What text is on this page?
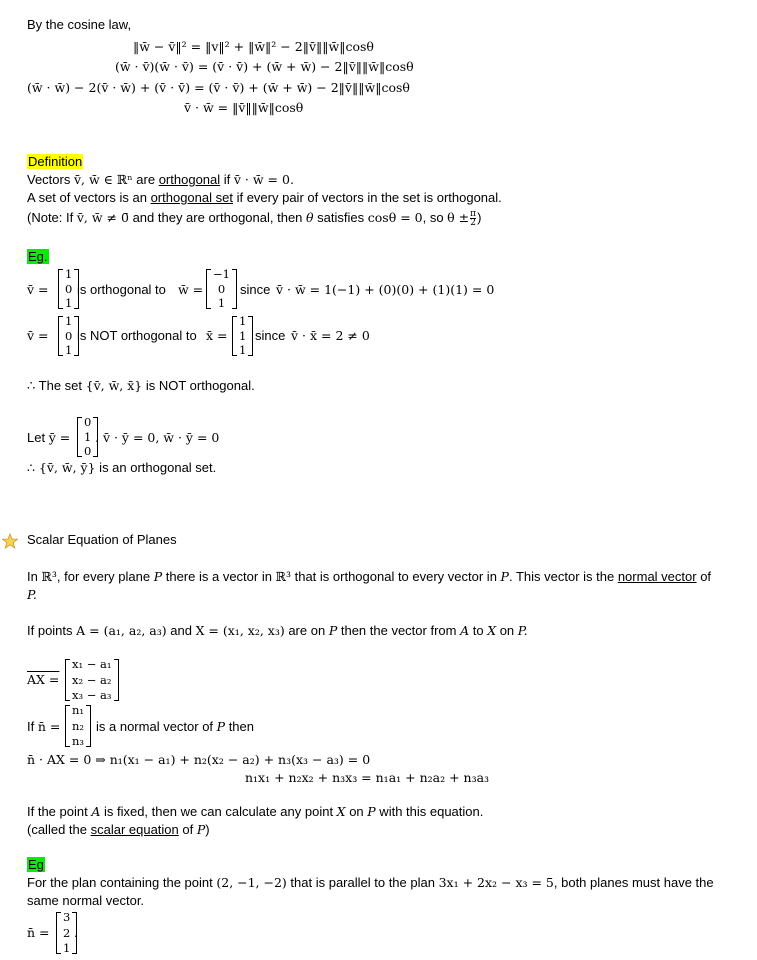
By the cosine law,
‖w̄ − v̄‖² = ‖v‖² + ‖w̄‖² − 2‖v̄‖‖w̄‖cosθ
(w̄ · v̄)(w̄ · v̄) = (v̄ · v̄) + (w̄ + w̄) − 2‖v̄‖‖w̄‖cosθ
(w̄ · w̄) − 2(v̄ · w̄) + (v̄ · v̄) = (v̄ · v̄) + (w̄ + w̄) − 2‖v̄‖‖w̄‖cosθ
v̄ · w̄ = ‖v̄‖‖w̄‖cosθ
Definition
Vectors v̄, w̄ ∈ ℝⁿ are orthogonal if v̄ · w̄ = 0.
A set of vectors is an orthogonal set if every pair of vectors in the set is orthogonal.
(Note: If v̄, w̄ ≠ 0̄ and they are orthogonal, then θ satisfies cosθ = 0, so $\theta \pm \frac{\pi}{2}$ )
Eg.
v̄ =
1
0
1
is orthogonal to w̄ =
−1
0
1
since v̄ · w̄ = 1(−1) + (0)(0) + (1)(1) = 0
v̄ =
1
0
1
is NOT orthogonal to x̄ =
1
1
1
since v̄ · x̄ = 2 ≠ 0
∴ The set {v̄, w̄, x̄} is NOT orthogonal.
Let ȳ =
0
1
0
. v̄ · ȳ = 0, w̄ · ȳ = 0
∴ {v̄, w̄, ȳ} is an orthogonal set.
Scalar Equation of Planes
In ℝ³, for every plane P there is a vector in ℝ³ that is orthogonal to every vector in P. This vector is the normal vector of
P.
If points A = (a₁, a₂, a₃) and X = (x₁, x₂, x₃) are on P then the vector from A to X on P.
AX =
x₁ − a₁
x₂ − a₂
x₃ − a₃
If n̄ =
n₁
n₂
n₃
is a normal vector of P then
n̄ · AX = 0 ⇒ n₁(x₁ − a₁) + n₂(x₂ − a₂) + n₃(x₃ − a₃) = 0
n₁x₁ + n₂x₂ + n₃x₃ = n₁a₁ + n₂a₂ + n₃a₃
If the point A is fixed, then we can calculate any point X on P with this equation.
(called the scalar equation of P)
Eg
For the plan containing the point (2, −1, −2) that is parallel to the plan 3x₁ + 2x₂ − x₃ = 5, both planes must have the
same normal vector.
n̄ =
3
2
1
.
